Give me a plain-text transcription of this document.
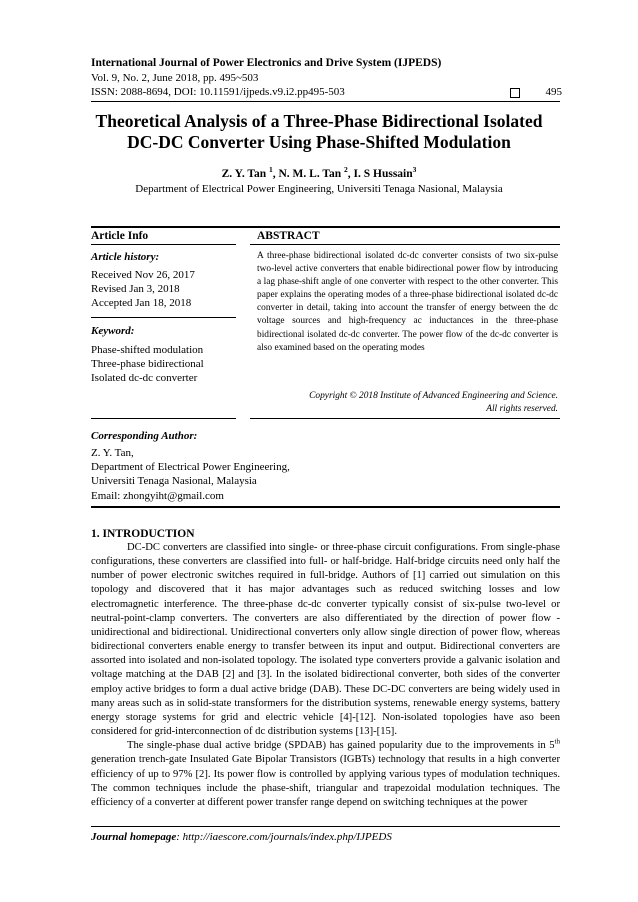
International Journal of Power Electronics and Drive System (IJPEDS)
Vol. 9, No. 2, June 2018, pp. 495~503
ISSN: 2088-8694, DOI: 10.11591/ijpeds.v9.i2.pp495-503	495
Theoretical Analysis of a Three-Phase Bidirectional Isolated
DC-DC Converter Using Phase-Shifted Modulation
Z. Y. Tan $^1$, N. M. L. Tan $^2$, I. S Hussain$^3$
Department of Electrical Power Engineering, Universiti Tenaga Nasional, Malaysia
Article Info	ABSTRACT
Article history:
Received Nov 26, 2017
Revised Jan 3, 2018
Accepted Jan 18, 2018
Keyword:
Phase-shifted modulation
Three-phase bidirectional
Isolated dc-dc converter
A three-phase bidirectional isolated dc-dc converter consists of two six-pulse two-level active converters that enable bidirectional power flow by introducing a lag phase-shift angle of one converter with respect to the other converter. This paper explains the operating modes of a three-phase bidirectional isolated dc-dc converter in detail, taking into account the transfer of energy between the dc voltage sources and high-frequency ac inductances in the three-phase bidirectional isolated dc-dc converter. The power flow of the dc-dc converter is also examined based on the operating modes
Copyright © 2018 Institute of Advanced Engineering and Science.
All rights reserved.
Corresponding Author:
Z. Y. Tan,
Department of Electrical Power Engineering,
Universiti Tenaga Nasional, Malaysia
Email: zhongyiht@gmail.com
1. INTRODUCTION

DC-DC converters are classified into single- or three-phase circuit configurations. From single-phase configurations, these converters are classified into full- or half-bridge. Half-bridge circuits need only half the number of power electronic switches required in full-bridge. Authors of [1] carried out simulation on this topology and discovered that it has major advantages such as reduced switching losses and low electromagnetic interference. The three-phase dc-dc converter typically consist of six-pulse two-level or neutral-point-clamp converters. The converters are also differentiated by the direction of power flow - unidirectional and bidirectional. Unidirectional converters only allow single direction of power flow, whereas bidirectional converters enable energy to transfer between its input and output. Bidirectional converters are assorted into isolated and non-isolated topology. The isolated type converters provide a galvanic isolation and voltage matching at the DAB [2] and [3]. In the isolated bidirectional converter, both sides of the converter employ active bridges to form a dual active bridge (DAB). These DC-DC converters are being widely used in many areas such as in solid-state transformers for the distribution systems, renewable energy systems, battery energy storage systems for grid and electric vehicle [4]-[12]. Non-isolated topologies have aso been considered for grid-interconnection of dc distribution systems [13]-[15].

The single-phase dual active bridge (SPDAB) has gained popularity due to the improvements in 5th generation trench-gate Insulated Gate Bipolar Transistors (IGBTs) technology that results in a high converter efficiency of up to 97% [2]. Its power flow is controlled by applying various types of modulation techniques. The common techniques include the phase-shift, triangular and trapezoidal modulation techniques. The efficiency of a converter at different power transfer range depend on switching techniques at the power

Journal homepage: http://iaescore.com/journals/index.php/IJPEDS
